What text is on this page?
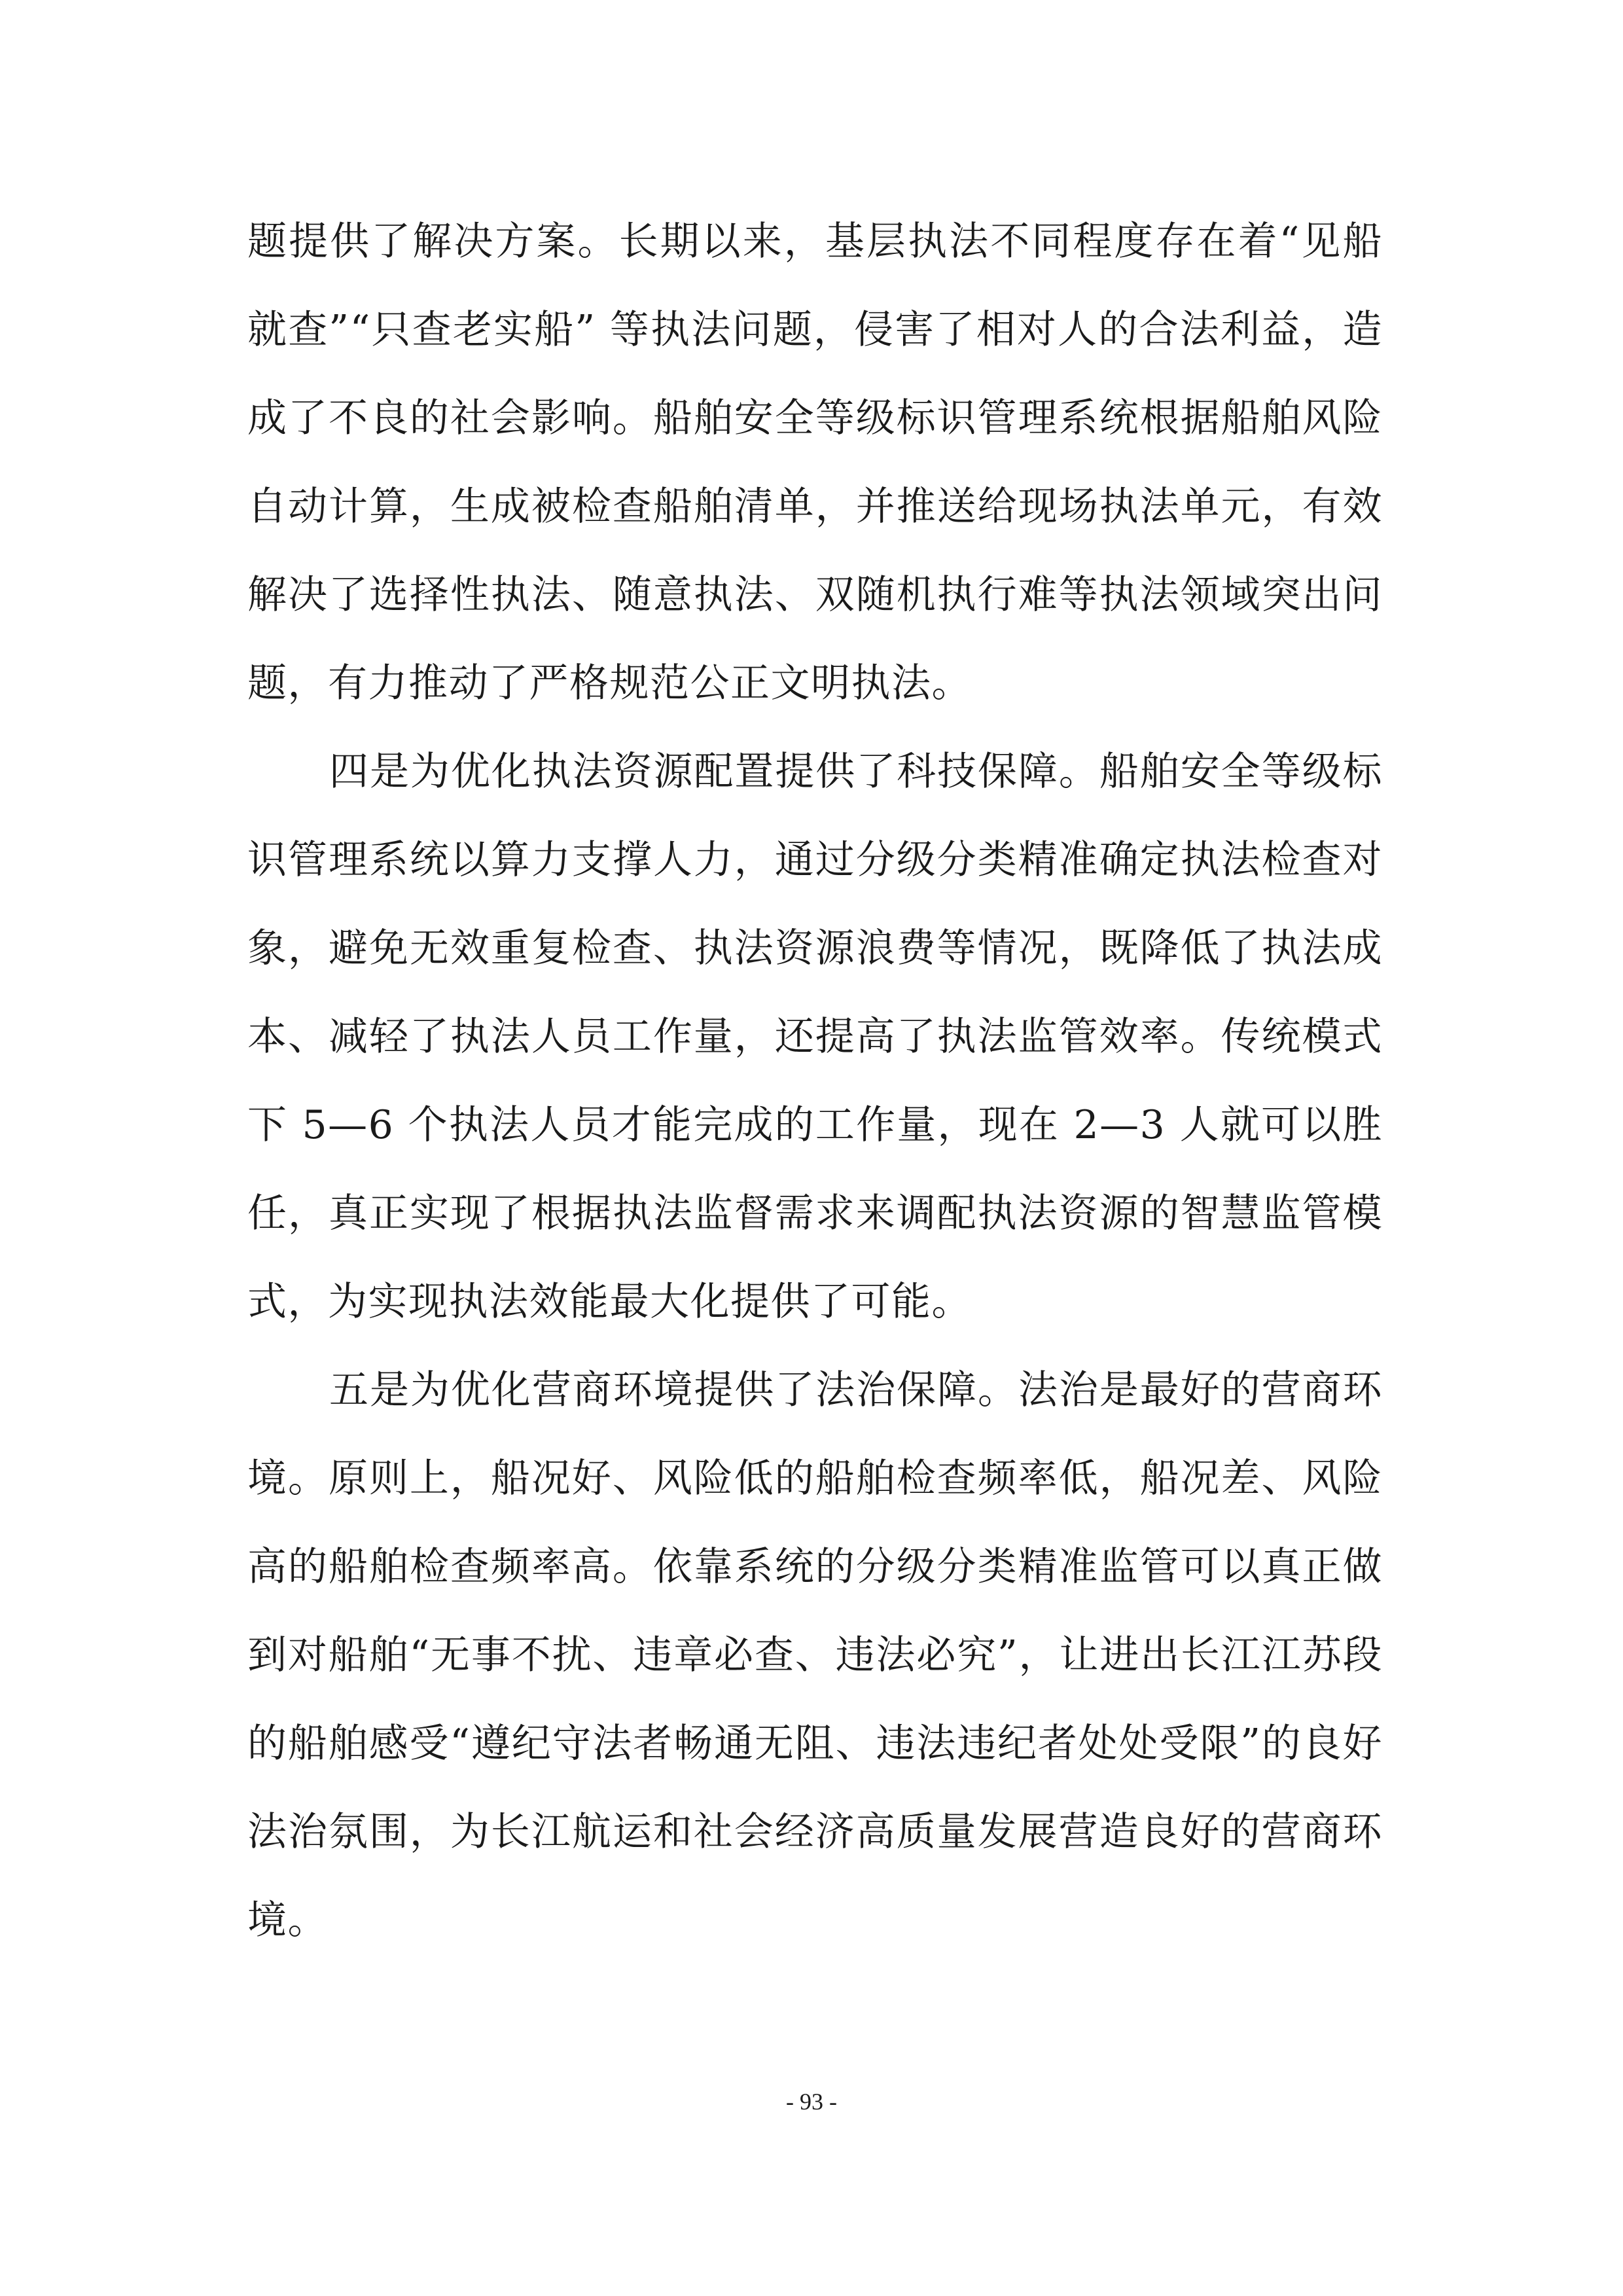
题提供了解决方案。长期以来，基层执法不同程度存在着“见船就查”“只查老实船” 等执法问题，侵害了相对人的合法利益，造成了不良的社会影响。船舶安全等级标识管理系统根据船舶风险自动计算，生成被检查船舶清单，并推送给现场执法单元，有效解决了选择性执法、随意执法、双随机执行难等执法领域突出问题，有力推动了严格规范公正文明执法。

四是为优化执法资源配置提供了科技保障。船舶安全等级标识管理系统以算力支撑人力，通过分级分类精准确定执法检查对象，避免无效重复检查、执法资源浪费等情况，既降低了执法成本、减轻了执法人员工作量，还提高了执法监管效率。传统模式下 5—6 个执法人员才能完成的工作量，现在 2—3 人就可以胜任，真正实现了根据执法监督需求来调配执法资源的智慧监管模式，为实现执法效能最大化提供了可能。

五是为优化营商环境提供了法治保障。法治是最好的营商环境。原则上，船况好、风险低的船舶检查频率低，船况差、风险高的船舶检查频率高。依靠系统的分级分类精准监管可以真正做到对船舶“无事不扰、违章必查、违法必究”，让进出长江江苏段的船舶感受“遵纪守法者畅通无阻、违法违纪者处处受限”的良好法治氛围，为长江航运和社会经济高质量发展营造良好的营商环境。

- 93 -
